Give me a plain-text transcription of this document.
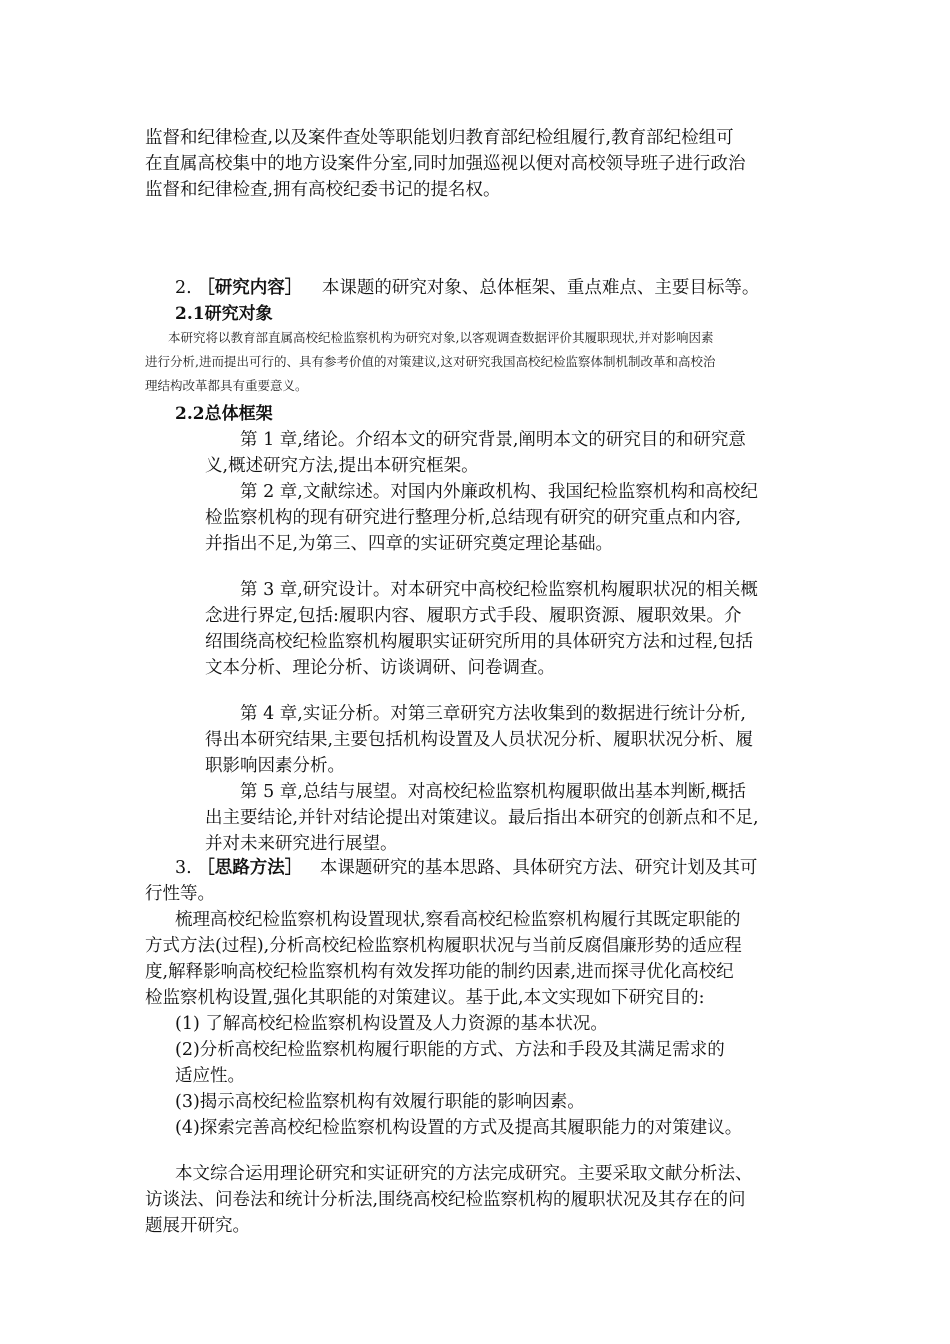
监督和纪律检查,以及案件查处等职能划归教育部纪检组履行,教育部纪检组可
在直属高校集中的地方设案件分室,同时加强巡视以便对高校领导班子进行政治
监督和纪律检查,拥有高校纪委书记的提名权。
2. ［研究内容］ 本课题的研究对象、总体框架、重点难点、主要目标等。
2.1研究对象
本研究将以教育部直属高校纪检监察机构为研究对象,以客观调查数据评价其履职现状,并对影响因素
进行分析,进而提出可行的、具有参考价值的对策建议,这对研究我国高校纪检监察体制机制改革和高校治
理结构改革都具有重要意义。
2.2总体框架
第 1 章,绪论。介绍本文的研究背景,阐明本文的研究目的和研究意
义,概述研究方法,提出本研究框架。
第 2 章,文献综述。对国内外廉政机构、我国纪检监察机构和高校纪
检监察机构的现有研究进行整理分析,总结现有研究的研究重点和内容,
并指出不足,为第三、四章的实证研究奠定理论基础。
第 3 章,研究设计。对本研究中高校纪检监察机构履职状况的相关概
念进行界定,包括:履职内容、履职方式手段、履职资源、履职效果。介
绍围绕高校纪检监察机构履职实证研究所用的具体研究方法和过程,包括
文本分析、理论分析、访谈调研、问卷调查。
第 4 章,实证分析。对第三章研究方法收集到的数据进行统计分析,
得出本研究结果,主要包括机构设置及人员状况分析、履职状况分析、履
职影响因素分析。
第 5 章,总结与展望。对高校纪检监察机构履职做出基本判断,概括
出主要结论,并针对结论提出对策建议。最后指出本研究的创新点和不足,
并对未来研究进行展望。
3. ［思路方法］ 本课题研究的基本思路、具体研究方法、研究计划及其可
行性等。
梳理高校纪检监察机构设置现状,察看高校纪检监察机构履行其既定职能的
方式方法(过程),分析高校纪检监察机构履职状况与当前反腐倡廉形势的适应程
度,解释影响高校纪检监察机构有效发挥功能的制约因素,进而探寻优化高校纪
检监察机构设置,强化其职能的对策建议。基于此,本文实现如下研究目的:
(1) 了解高校纪检监察机构设置及人力资源的基本状况。
(2)分析高校纪检监察机构履行职能的方式、方法和手段及其满足需求的
适应性。
(3)揭示高校纪检监察机构有效履行职能的影响因素。
(4)探索完善高校纪检监察机构设置的方式及提高其履职能力的对策建议。
本文综合运用理论研究和实证研究的方法完成研究。主要采取文献分析法、
访谈法、问卷法和统计分析法,围绕高校纪检监察机构的履职状况及其存在的问
题展开研究。
